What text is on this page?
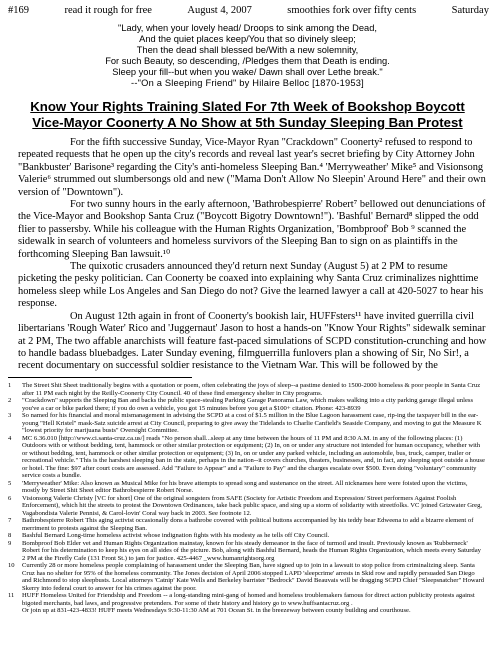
#169	read it rough for free	August 4, 2007	smoothies fork over fifty cents	Saturday
"Lady, when your lovely head/ Droops to sink among the Dead,
And the quiet places keep/You that so divinely sleep;
Then the dead shall blessed be/With a new solemnity,
For such Beauty, so descending, /Pledges them that Death is ending.
Sleep your fill--but when you wake/ Dawn shall over Lethe break."
--"On a Sleeping Friend" by Hilaire Belloc [1870-1953]
Know Your Rights Training Slated For 7th Week of Bookshop Boycott
Vice-Mayor Coonerty A No Show at 5th Sunday Sleeping Ban Protest

For the fifth successive Sunday, Vice-Mayor Ryan "Crackdown" Coonerty² refused to respond to repeated requests that he open up the city's records and reveal last year's secret briefing by City Attorney John "Bankbuster' Barisone³ regarding the City's anti-homeless Sleeping Ban.⁴ 'Merryweather' Mike⁵ and Visionsong Valerie⁶ strummed out slumbersongs old and new ("Mama Don't Allow No Sleepin' Around Here" and their own version of "Downtown").

For two sunny hours in the early afternoon, 'Bathrobespierre' Robert⁷ bellowed out denunciations of the Vice-Mayor and Bookshop Santa Cruz ("Boycott Bigotry Downtown!"). 'Bashful' Bernard⁸ slipped the odd flier to passersby. While his colleague with the Human Rights Organization, 'Bombproof' Bob ⁹ scanned the sidewalk in search of volunteers and homeless survivors of the Sleeping Ban to sign on as plaintiffs in the forthcoming Sleeping Ban lawsuit.¹⁰

The quixotic crusaders announced they'd return next Sunday (August 5) at 2 PM to resume picketing the pesky politician. Can Coonerty be coaxed into explaining why Santa Cruz criminalizes nighttime homeless sleep while Los Angeles and San Diego do not? Give the learned lawyer a call at 420-5027 to hear his response.

On August 12th again in front of Coonerty's bookish lair, HUFFsters¹¹ have invited guerrilla civil libertarians 'Rough Water' Rico and 'Juggernaut' Jason to host a hands-on "Know Your Rights" sidewalk seminar at 2 PM, The two affable anarchists will feature fast-paced simulations of SCPD constitution-crunching and how to handle badass bluebadges. Later Sunday evening, filmguerrilla funlovers plan a showing of Sir, No Sir!, a recent documentary on successful soldier resistance to the Vietnam War. This will be followed by the

1	The Street Shit Sheet traditionally begins with a quotation or poem, often celebrating the joys of sleep--a pastime denied to 1500-2000 homeless & poor people in Santa Cruz after 11 PM each night by the Reilly-Coonerty City Council. 40 of these find emergency shelter in City programs.
2	"Crackdown" supports the Sleeping Ban and backs the public space-stealing Parking Garage Panorama Law, which makes walking into a city parking garage illegal unless you've a car or bike parked there; if you do own a vehicle, you got 15 minutes before you get a $100+ citation. Phone: 423-8939
3	So named for his financial and moral mismanagement in advising the SCPD at a cost of $1.5 million in the Blue Lagoon harassment case, rip-ing the taxpayer bill in the ear-young "Hell Kristel" mask-Satz suicide arrest at City Council, preparing to give away the Tidelands to Charlie Canfield's Seaside Company, and moving to gut the Measure K "lowest priority for marijuana busts" Oversight Committee.
4	MC 6.36.010 [http://www.ci.santa-cruz.ca.us/] reads "No person shall...sleep at any time between the hours of 11 PM and 8:30 A.M. in any of the following places: (1) Outdoors with or without bedding, tent, hammock or other similar protection or equipment; (2) In, on or under any structure not intended for human occupancy, whether with or without bedding, tent, hammock or other similar protection or equipment; (3) In, on or under any parked vehicle, including an automobile, bus, truck, camper, trailer or recreational vehicle." This is the harshest sleeping ban in the state, perhaps in the nation--it covers churches, theaters, businesses, and, in fact, any sleeping spot outside a house or hotel. The fine: $97 after court costs are assessed. Add "Failure to Appear" and a "Failure to Pay" and the charges escalate over $500. Even doing "voluntary" community service costs a bundle.
5	'Merryweather' Mike: Also known as Musical Mike for his brave attempts to spread song and sustenance on the street. All nicknames here were foisted upon the victims, mostly by Street Shit Sheet editor Bathrobespierre Robert Norse.
6	Visionsong Valerie Christy [VC for short] One of the original songsters from SAFE (Society for Artistic Freedom and Expression/ Street performers Against Foolish Enforcement), which hit the streets to protest the Downtown Ordinances, take back public space, and sing up a storm of solidarity with streetfolks. VC joined Grizwater Greg, Vagabondista Valerie Pennisi, & Carol-lovin' Coral way back in 2003. See footnote 12.
7	Bathrobespierre Robert This aging activist occasionally dons a bathrobe covered with political buttons accompanied by his teddy bear Edweena to add a bizarre element of merriment to protests against the Sleeping Ban.
8	Bashful Bernard Long-time homeless activist whose indignation fights with his modesty as he tells off City Council.
9	Bombproof Bob Elder vet and Human Rights Organization mainstay, known for his steady demeanor in the face of turmoil and insult. Previously known as 'Rubberneck' Robert for his determination to keep his eyes on all sides of the picture. Bob, along with Bashful Bernard, heads the Human Rights Organization, which meets every Saturday 2 PM at the Firefly Cafe (131 Front St.) to jam for justice. 425-4467 _www.humanrightsorg.org
10	Currently 28 or more homeless people complaining of harassment under the Sleeping Ban, have signed up to join in a lawsuit to stop police from criminalizing sleep. Santa Cruz has no shelter for 95% of the homeless community. The Jones decision of April 2006 stopped LAPD 'sleepcrime' arrests in Skid row and rapidly persuaded San Diego and Richmond to stop sleepbusts. Local attorneys 'Catnip' Kate Wells and Berkeley barrister "Bedrock" David Beauvais will be dragging SCPD Chief "Sleepsnatcher" Howard Skerry into federal court to answer for his crimes against the poor.
11	HUFF Homeless United for Friendship and Freedom -- a long-standing mini-gang of homed and homeless troublemakers famous for direct action publicity protests against bigoted merchants, bad laws, and progressive pretenders. For some of their history and history go to www.huffsantacruz.org .
Or join up at 831-423-4833! HUFF meets Wednesdays 9:30-11:30 AM at 701 Ocean St. in the breezeway between county building and courthouse.
